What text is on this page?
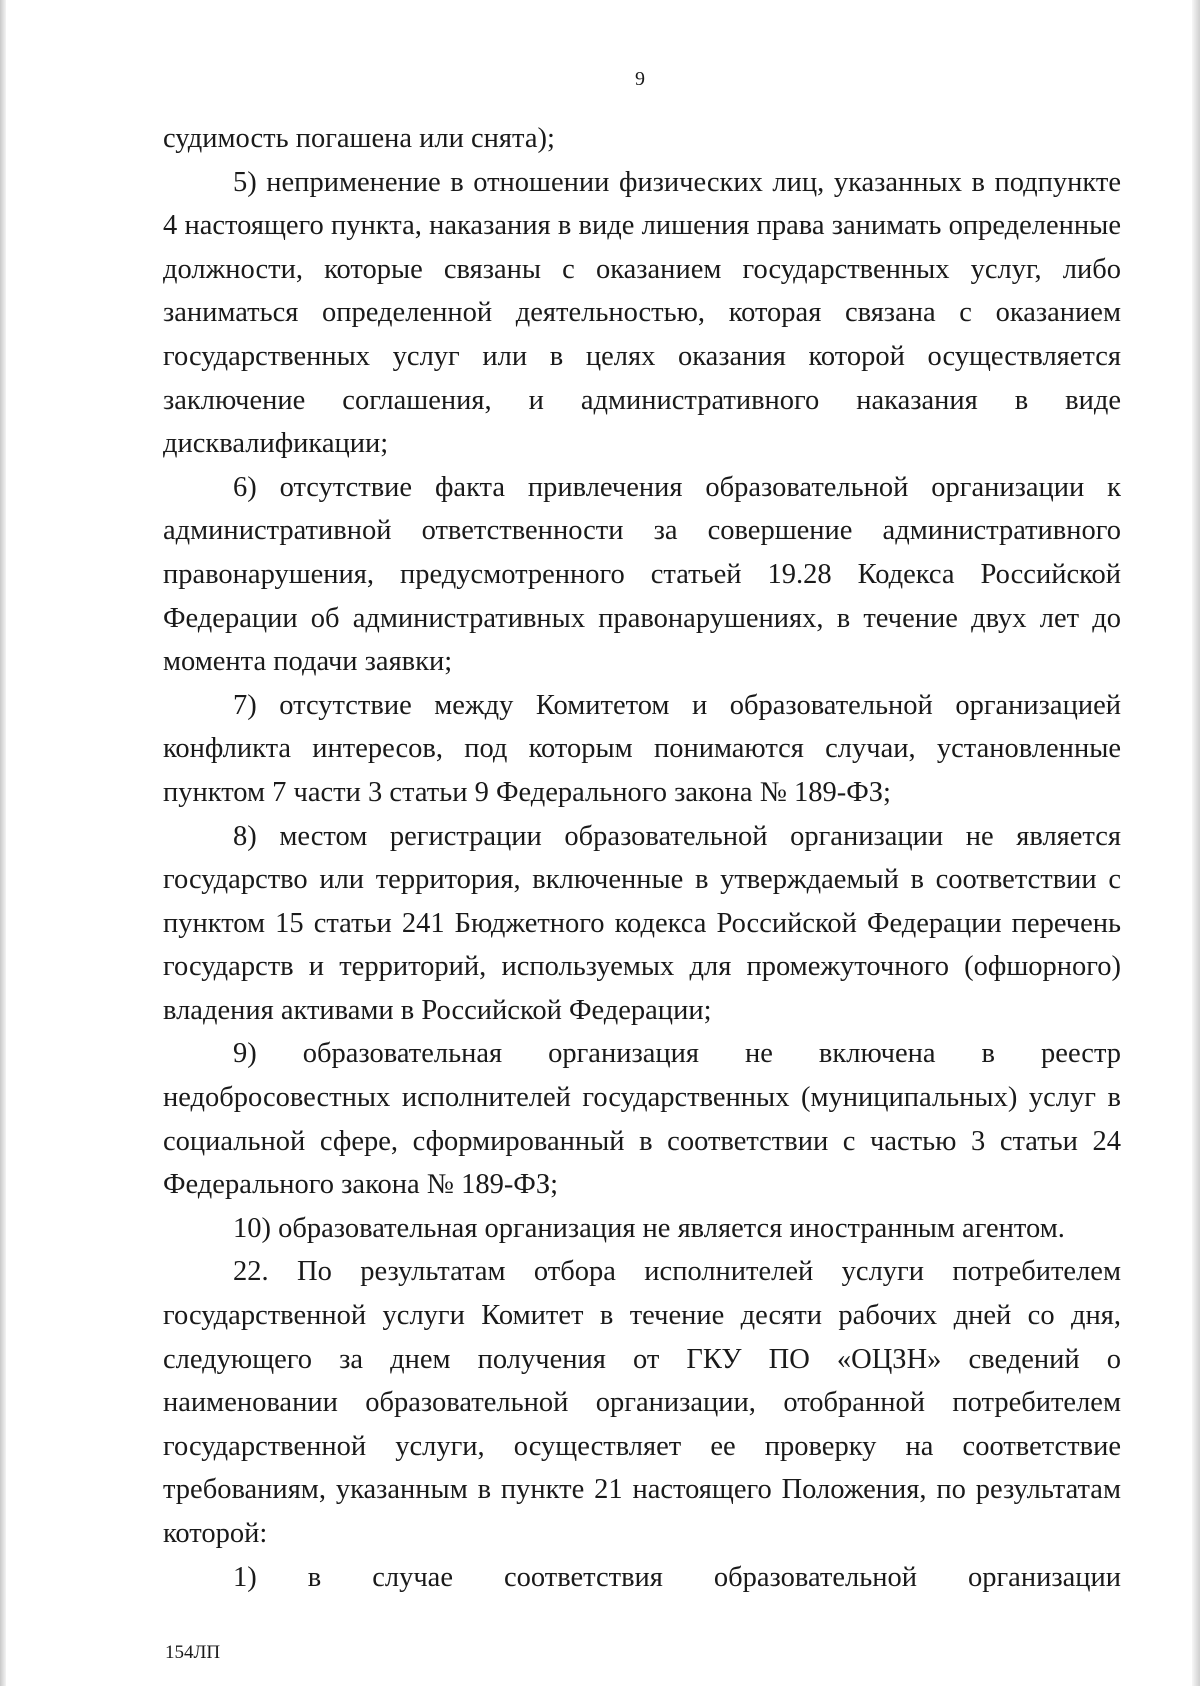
9

судимость погашена или снята);

5) неприменение в отношении физических лиц, указанных в подпункте 4 настоящего пункта, наказания в виде лишения права занимать определенные должности, которые связаны с оказанием государственных услуг, либо заниматься определенной деятельностью, которая связана с оказанием государственных услуг или в целях оказания которой осуществляется заключение соглашения, и административного наказания в виде дисквалификации;

6) отсутствие факта привлечения образовательной организации к административной ответственности за совершение административного правонарушения, предусмотренного статьей 19.28 Кодекса Российской Федерации об административных правонарушениях, в течение двух лет до момента подачи заявки;

7) отсутствие между Комитетом и образовательной организацией конфликта интересов, под которым понимаются случаи, установленные пунктом 7 части 3 статьи 9 Федерального закона № 189-ФЗ;

8) местом регистрации образовательной организации не является государство или территория, включенные в утверждаемый в соответствии с пунктом 15 статьи 241 Бюджетного кодекса Российской Федерации перечень государств и территорий, используемых для промежуточного (офшорного) владения активами в Российской Федерации;

9) образовательная организация не включена в реестр недобросовестных исполнителей государственных (муниципальных) услуг в социальной сфере, сформированный в соответствии с частью 3 статьи 24 Федерального закона № 189-ФЗ;

10) образовательная организация не является иностранным агентом.

22. По результатам отбора исполнителей услуги потребителем государственной услуги Комитет в течение десяти рабочих дней со дня, следующего за днем получения от ГКУ ПО «ОЦЗН» сведений о наименовании образовательной организации, отобранной потребителем государственной услуги, осуществляет ее проверку на соответствие требованиям, указанным в пункте 21 настоящего Положения, по результатам которой:

1) в случае соответствия образовательной организации

154ЛП
